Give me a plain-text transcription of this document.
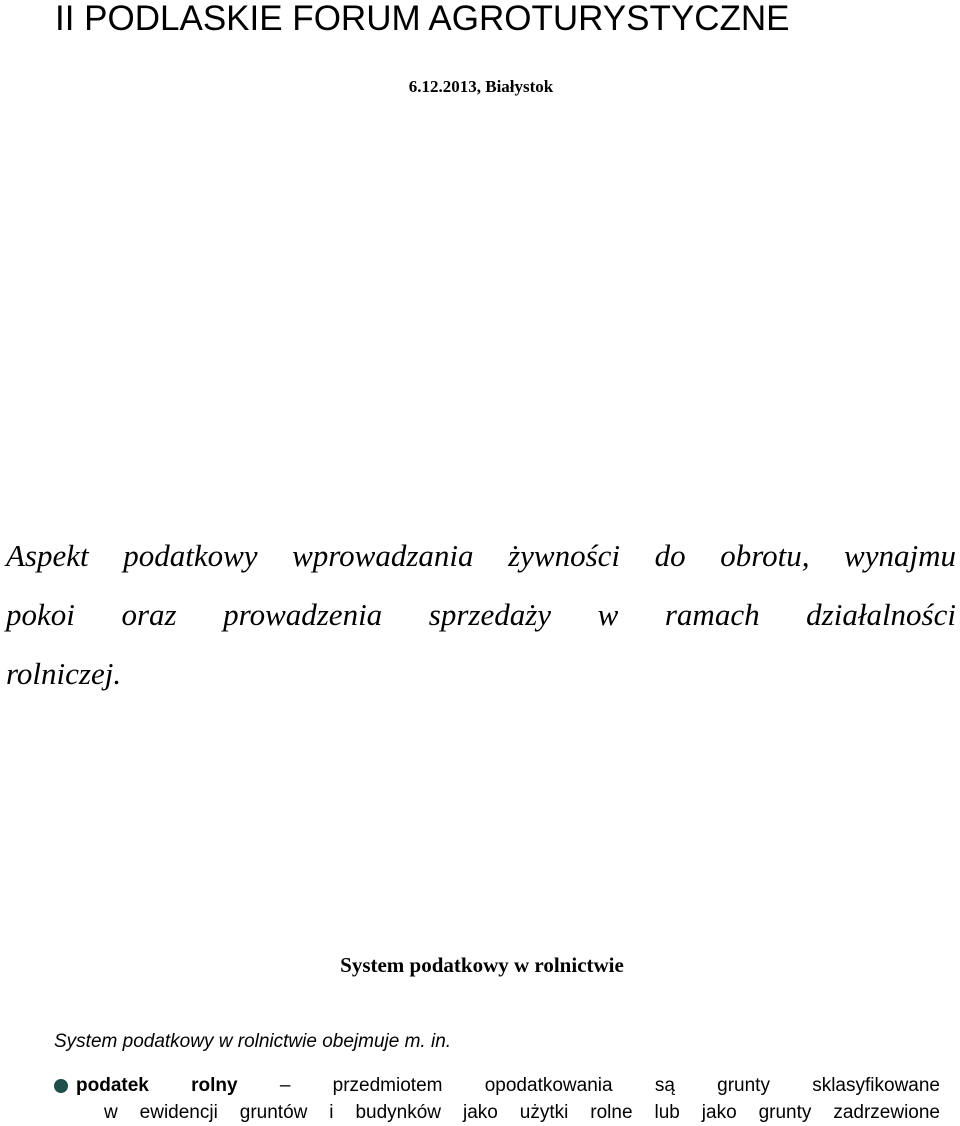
II PODLASKIE FORUM AGROTURYSTYCZNE
6.12.2013, Białystok
Aspekt podatkowy wprowadzania żywności do obrotu, wynajmu
pokoi oraz prowadzenia sprzedaży w ramach działalności
rolniczej.
System podatkowy w rolnictwie
System podatkowy w rolnictwie obejmuje m. in.
podatek rolny – przedmiotem opodatkowania są grunty sklasyfikowane
w ewidencji gruntów i budynków jako użytki rolne lub jako grunty zadrzewione
